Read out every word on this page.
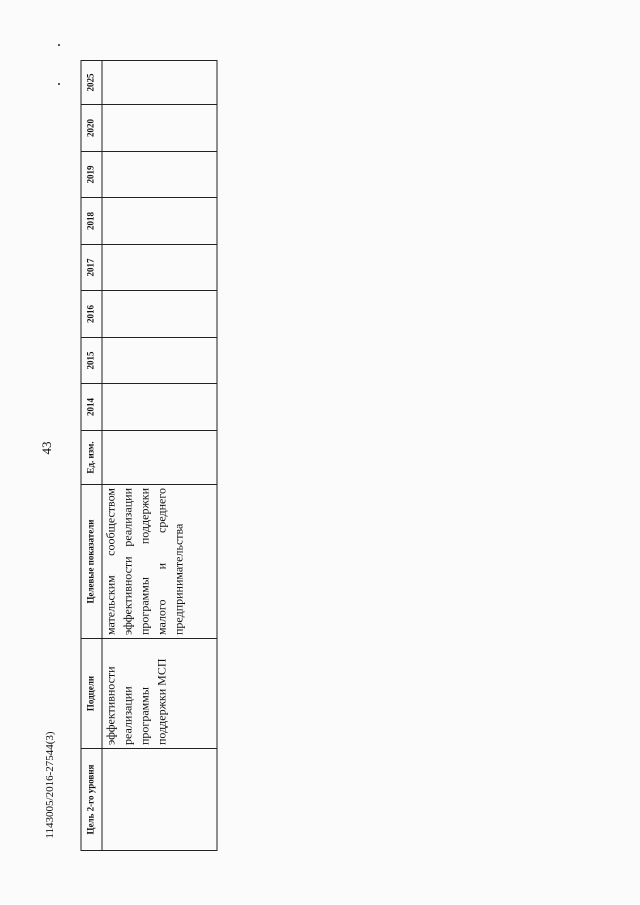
43
1143005/2016-27544(3)	Цель 2-го уровня	Подцели	Целевые показатели	Ед. изм.	2014	2015	2016	2017	2018	2019	2020	2025
	эффективности реализации программы поддержки МСП	мательским сообществом эффективности реализации программы поддержки малого и среднего предпринимательства									
